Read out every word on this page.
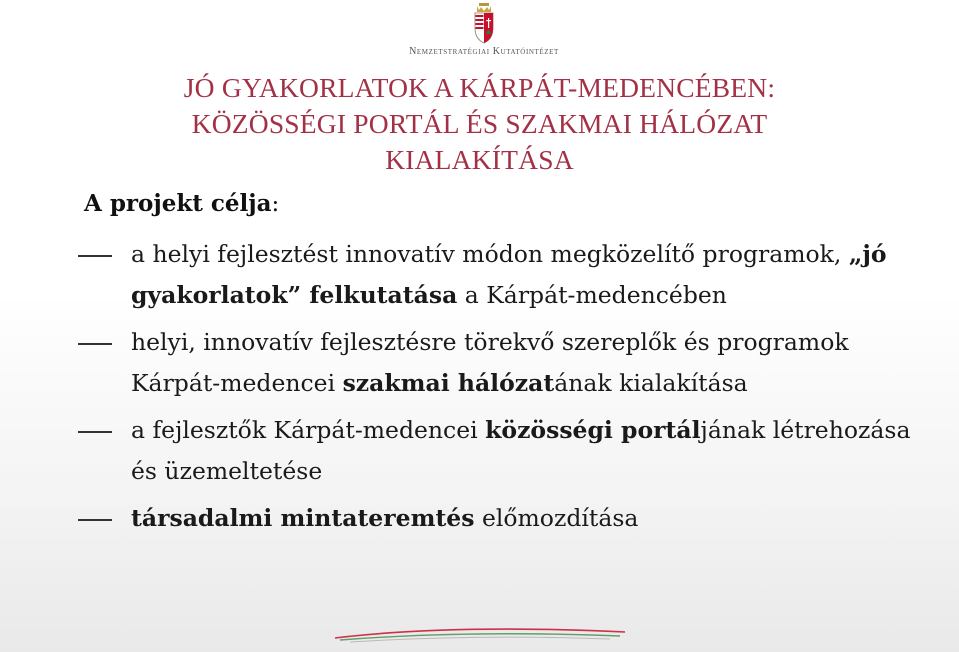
Nemzetstratégiai Kutatóintézet
JÓ GYAKORLATOK A KÁRPÁT-MEDENCÉBEN:
KÖZÖSSÉGI PORTÁL ÉS SZAKMAI HÁLÓZAT
KIALAKÍTÁSA
A projekt célja:
a helyi fejlesztést innovatív módon megközelítő programok, „jó gyakorlatok” felkutatása a Kárpát-medencében
helyi, innovatív fejlesztésre törekvő szereplők és programok Kárpát-medencei szakmai hálózatának kialakítása
a fejlesztők Kárpát-medencei közösségi portáljának létrehozása és üzemeltetése
társadalmi mintateremtés előmozdítása
